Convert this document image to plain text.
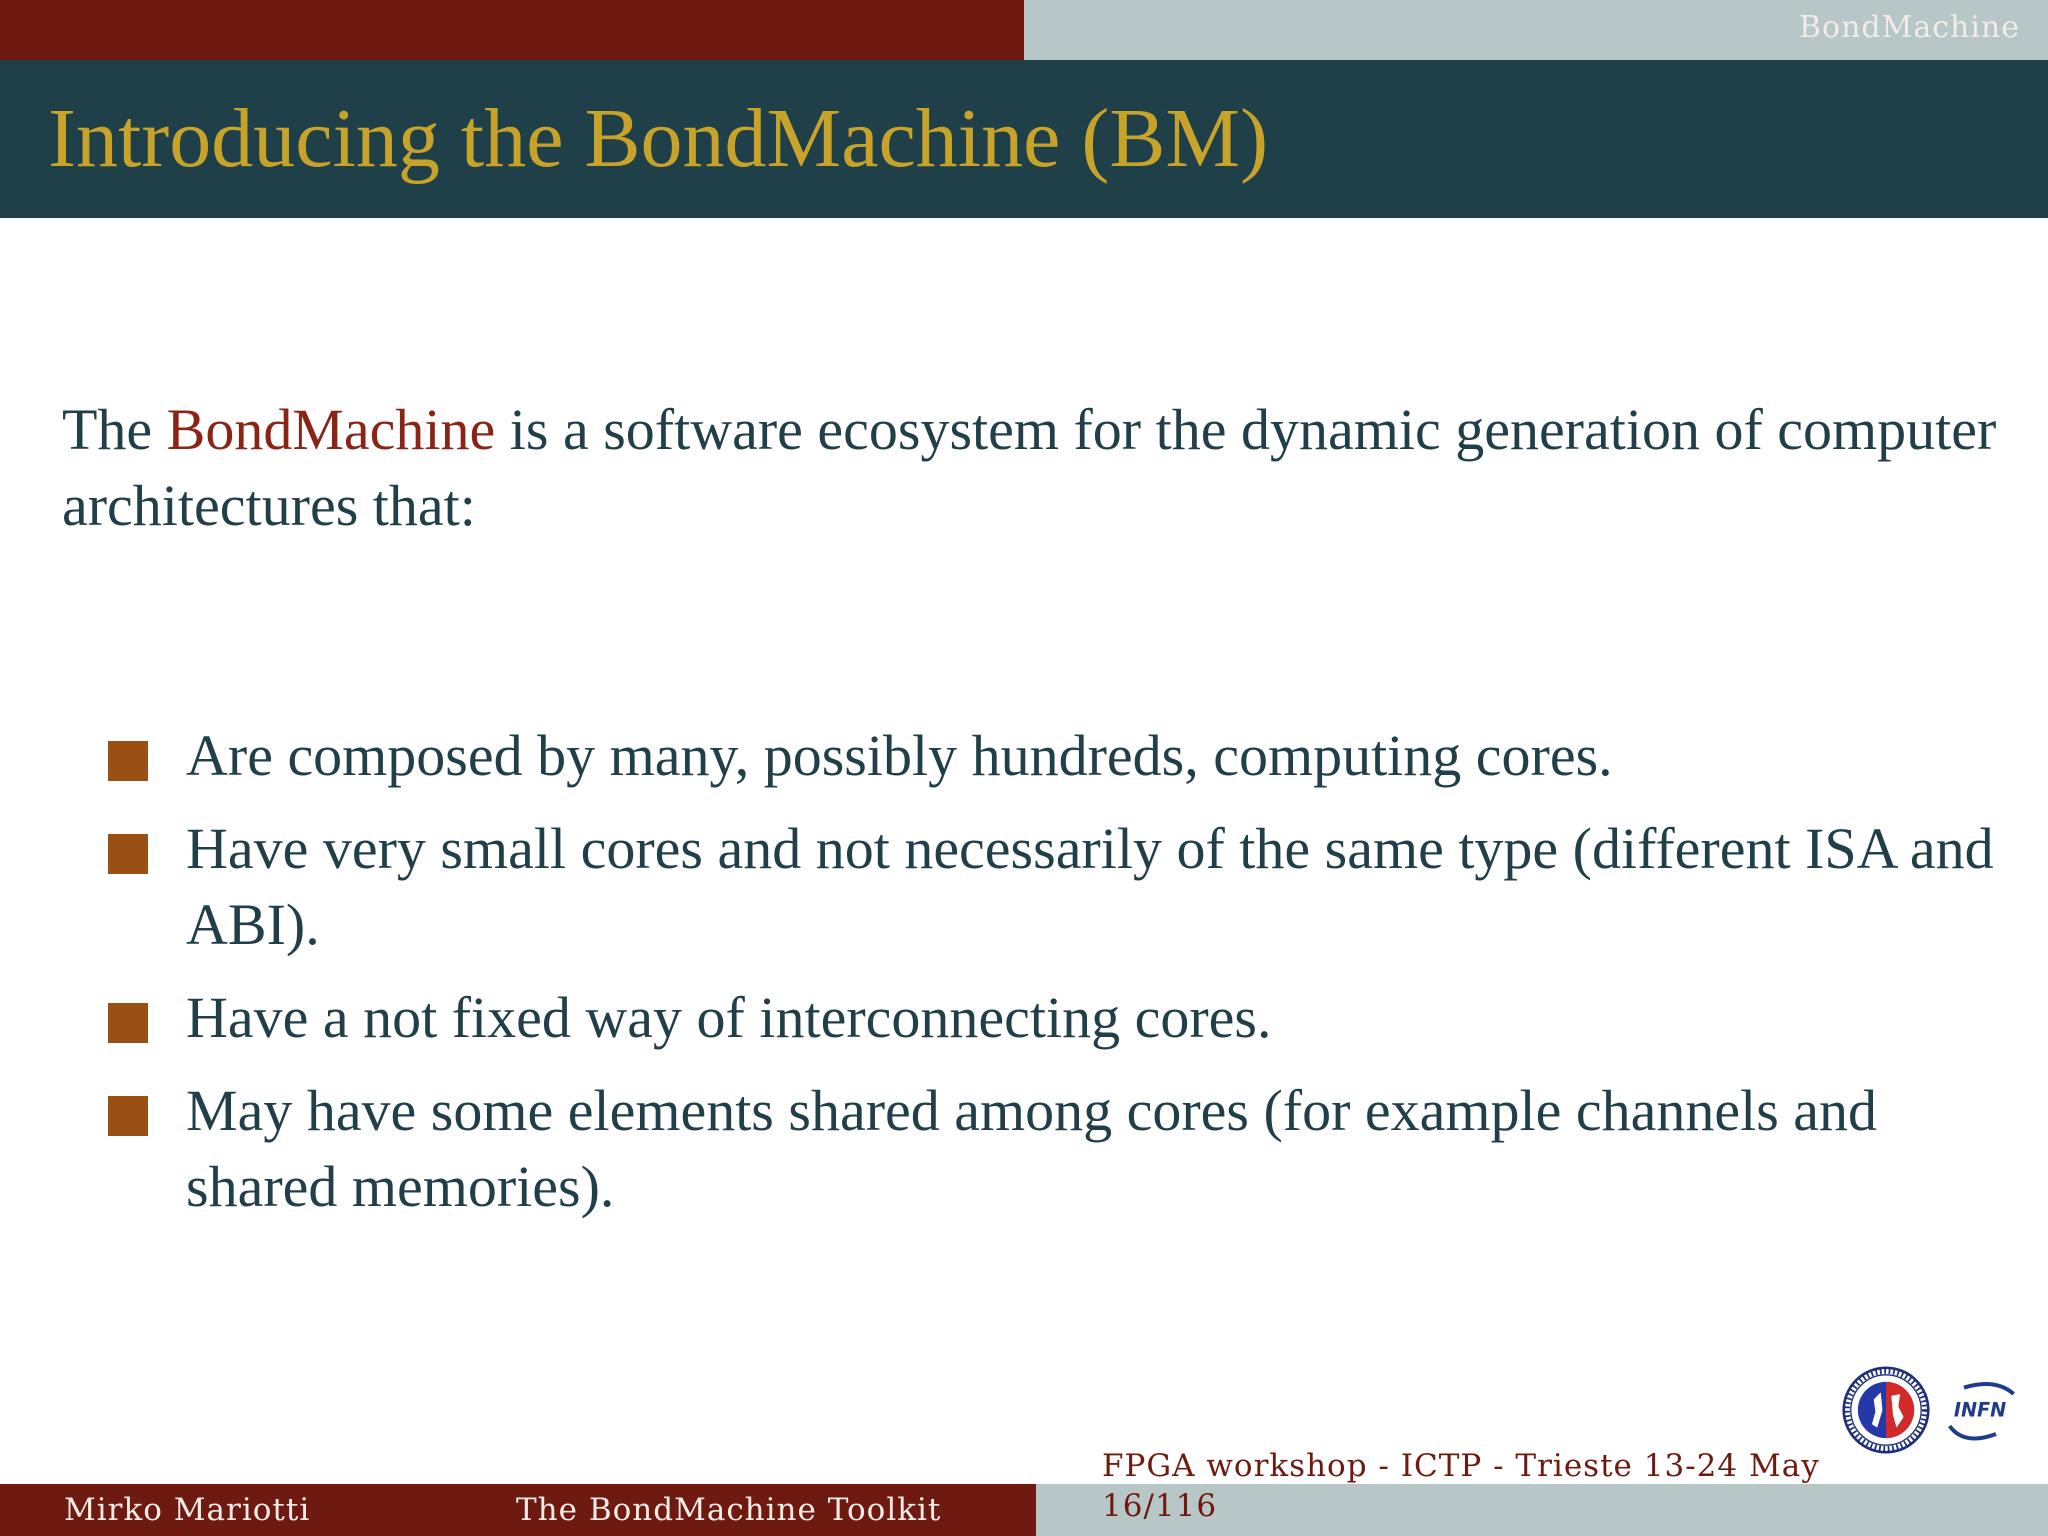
BondMachine
Introducing the BondMachine (BM)
The BondMachine is a software ecosystem for the dynamic generation of computer architectures that:
Are composed by many, possibly hundreds, computing cores.
Have very small cores and not necessarily of the same type (different ISA and ABI).
Have a not fixed way of interconnecting cores.
May have some elements shared among cores (for example channels and shared memories).
INFN
Mirko Mariotti	The BondMachine Toolkit
FPGA workshop - ICTP - Trieste 13-24 May
16/116
